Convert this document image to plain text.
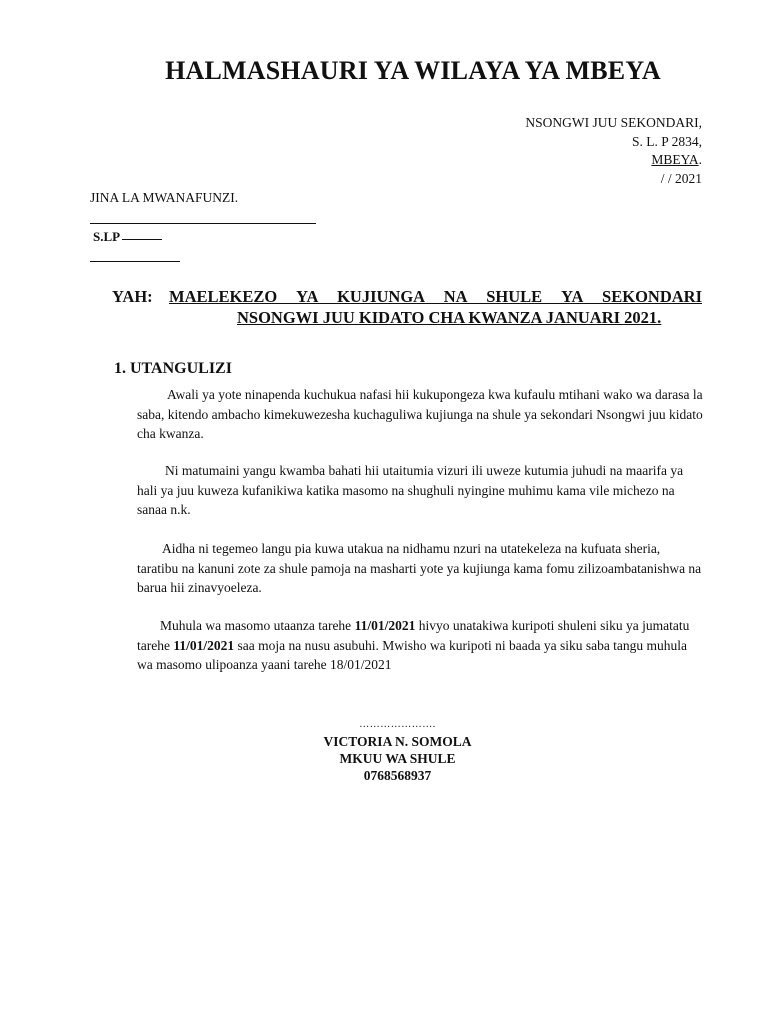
HALMASHAURI YA WILAYA YA MBEYA
NSONGWI JUU SEKONDARI,
S. L. P 2834,
MBEYA.
/ / 2021
JINA LA MWANAFUNZI.
S.LP
YAH: MAELEKEZO YA KUJIUNGA NA SHULE YA SEKONDARI
NSONGWI JUU KIDATO CHA KWANZA JANUARI 2021.
1. UTANGULIZI
Awali ya yote ninapenda kuchukua nafasi hii kukupongeza kwa kufaulu mtihani wako wa darasa la saba, kitendo ambacho kimekuwezesha kuchaguliwa kujiunga na shule ya sekondari Nsongwi juu kidato cha kwanza.
Ni matumaini yangu kwamba bahati hii utaitumia vizuri ili uweze kutumia juhudi na maarifa ya hali ya juu kuweza kufanikiwa katika masomo na shughuli nyingine muhimu kama vile michezo na sanaa n.k.
Aidha ni tegemeo langu pia kuwa utakua na nidhamu nzuri na utatekeleza na kufuata sheria, taratibu na kanuni zote za shule pamoja na masharti yote ya kujiunga kama fomu zilizoambatanishwa na barua hii zinavyoeleza.
Muhula wa masomo utaanza tarehe 11/01/2021 hivyo unatakiwa kuripoti shuleni siku ya jumatatu tarehe 11/01/2021 saa moja na nusu asubuhi. Mwisho wa kuripoti ni baada ya siku saba tangu muhula wa masomo ulipoanza yaani tarehe 18/01/2021
………………….
VICTORIA N. SOMOLA
MKUU WA SHULE
0768568937
